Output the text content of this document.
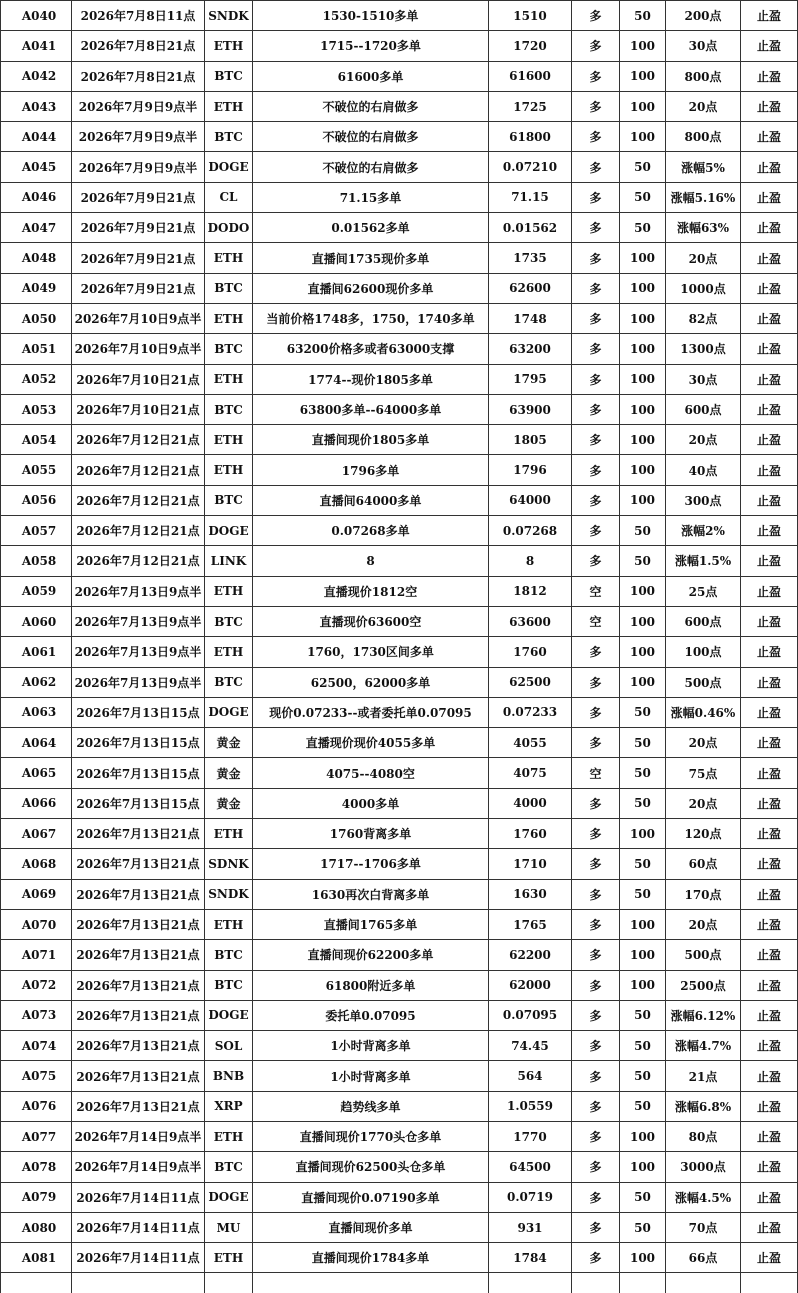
A040	2026年7月8日11点	SNDK	1530-1510多单	1510	多	50	200点	止盈
A041	2026年7月8日21点	ETH	1715--1720多单	1720	多	100	30点	止盈
A042	2026年7月8日21点	BTC	61600多单	61600	多	100	800点	止盈
A043	2026年7月9日9点半	ETH	不破位的右肩做多	1725	多	100	20点	止盈
A044	2026年7月9日9点半	BTC	不破位的右肩做多	61800	多	100	800点	止盈
A045	2026年7月9日9点半	DOGE	不破位的右肩做多	0.07210	多	50	涨幅5%	止盈
A046	2026年7月9日21点	CL	71.15多单	71.15	多	50	涨幅5.16%	止盈
A047	2026年7月9日21点	DODO	0.01562多单	0.01562	多	50	涨幅63%	止盈
A048	2026年7月9日21点	ETH	直播间1735现价多单	1735	多	100	20点	止盈
A049	2026年7月9日21点	BTC	直播间62600现价多单	62600	多	100	1000点	止盈
A050	2026年7月10日9点半	ETH	当前价格1748多，1750，1740多单	1748	多	100	82点	止盈
A051	2026年7月10日9点半	BTC	63200价格多或者63000支撑	63200	多	100	1300点	止盈
A052	2026年7月10日21点	ETH	1774--现价1805多单	1795	多	100	30点	止盈
A053	2026年7月10日21点	BTC	63800多单--64000多单	63900	多	100	600点	止盈
A054	2026年7月12日21点	ETH	直播间现价1805多单	1805	多	100	20点	止盈
A055	2026年7月12日21点	ETH	1796多单	1796	多	100	40点	止盈
A056	2026年7月12日21点	BTC	直播间64000多单	64000	多	100	300点	止盈
A057	2026年7月12日21点	DOGE	0.07268多单	0.07268	多	50	涨幅2%	止盈
A058	2026年7月12日21点	LINK	8	8	多	50	涨幅1.5%	止盈
A059	2026年7月13日9点半	ETH	直播现价1812空	1812	空	100	25点	止盈
A060	2026年7月13日9点半	BTC	直播现价63600空	63600	空	100	600点	止盈
A061	2026年7月13日9点半	ETH	1760，1730区间多单	1760	多	100	100点	止盈
A062	2026年7月13日9点半	BTC	62500，62000多单	62500	多	100	500点	止盈
A063	2026年7月13日15点	DOGE	现价0.07233--或者委托单0.07095	0.07233	多	50	涨幅0.46%	止盈
A064	2026年7月13日15点	黄金	直播现价现价4055多单	4055	多	50	20点	止盈
A065	2026年7月13日15点	黄金	4075--4080空	4075	空	50	75点	止盈
A066	2026年7月13日15点	黄金	4000多单	4000	多	50	20点	止盈
A067	2026年7月13日21点	ETH	1760背离多单	1760	多	100	120点	止盈
A068	2026年7月13日21点	SDNK	1717--1706多单	1710	多	50	60点	止盈
A069	2026年7月13日21点	SNDK	1630再次白背离多单	1630	多	50	170点	止盈
A070	2026年7月13日21点	ETH	直播间1765多单	1765	多	100	20点	止盈
A071	2026年7月13日21点	BTC	直播间现价62200多单	62200	多	100	500点	止盈
A072	2026年7月13日21点	BTC	61800附近多单	62000	多	100	2500点	止盈
A073	2026年7月13日21点	DOGE	委托单0.07095	0.07095	多	50	涨幅6.12%	止盈
A074	2026年7月13日21点	SOL	1小时背离多单	74.45	多	50	涨幅4.7%	止盈
A075	2026年7月13日21点	BNB	1小时背离多单	564	多	50	21点	止盈
A076	2026年7月13日21点	XRP	趋势线多单	1.0559	多	50	涨幅6.8%	止盈
A077	2026年7月14日9点半	ETH	直播间现价1770头仓多单	1770	多	100	80点	止盈
A078	2026年7月14日9点半	BTC	直播间现价62500头仓多单	64500	多	100	3000点	止盈
A079	2026年7月14日11点	DOGE	直播间现价0.07190多单	0.0719	多	50	涨幅4.5%	止盈
A080	2026年7月14日11点	MU	直播间现价多单	931	多	50	70点	止盈
A081	2026年7月14日11点	ETH	直播间现价1784多单	1784	多	100	66点	止盈
